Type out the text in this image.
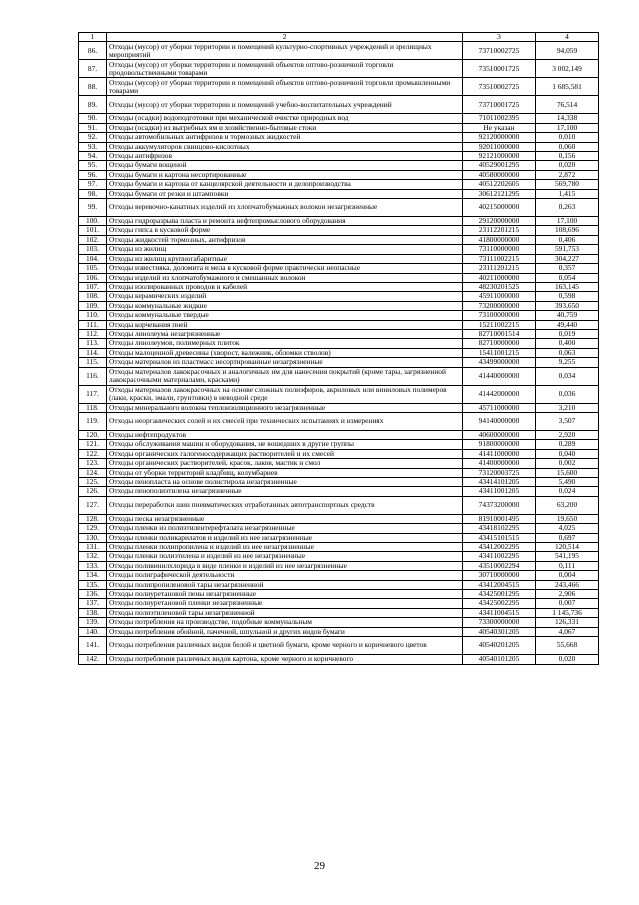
1	2	3	4
86.	Отходы (мусор) от уборки территории и помещений культурно-спортивных учреждений и зрелищных мероприятий	73710002725	94,059
87.	Отходы (мусор) от уборки территории и помещений объектов оптово-розничной торговли продовольственными товарами	73510001725	3 002,149
88.	Отходы (мусор) от уборки территории и помещений объектов оптово-розничной торговли промышленными товарами	73510002725	1 685,581
89.	Отходы (мусор) от уборки территории и помещений учебно-воспитательных учреждений	73710001725	76,514
90.	Отходы (осадки) водоподготовки при механической очистке природных вод	71011002395	14,338
91.	Отходы (осадки) из выгребных ям и хозяйственно-бытовые стоки	Не указан	17,100
92.	Отходы автомобильных антифризов и тормозных жидкостей	92120000000	0,010
93.	Отходы аккумуляторов свинцово-кислотных	92011000000	0,060
94.	Отходы антифризов	92121000000	0,156
95.	Отходы бумаги вощеной	40529001295	0,020
96.	Отходы бумаги и картона несортированные	40580000000	2,872
97.	Отходы бумаги и картона от канцелярской деятельности и делопроизводства	40512202605	569,780
98.	Отходы бумаги от резки и штамповки	30612121295	1,415
99.	Отходы веревочно-канатных изделий из хлопчатобумажных волокон незагрязненные	40215000000	0,263
100.	Отходы гидроразрыва пласта и ремонта нефтепромыслового оборудования	29120000000	17,100
101.	Отходы гипса в кусковой форме	23112201215	108,696
102.	Отходы жидкостей тормозных, антифризов	41800000000	0,406
103.	Отходы из жилищ	73110000000	591,753
104.	Отходы из жилищ крупногабаритные	73111002215	304,227
105.	Отходы известняка, доломита и мела в кусковой форме практически неопасные	23111201215	0,357
106.	Отходы изделий из хлопчатобумажного и смешанных волокон	40211000000	0,054
107.	Отходы изолированных проводов и кабелей	48230201525	163,145
108.	Отходы керамических изделий	45911000000	0,598
109.	Отходы коммунальные жидкие	73200000000	393,650
110.	Отходы коммунальные твердые	73100000000	40,759
111.	Отходы корчевания пней	15211002215	49,440
112.	Отходы линолеума незагрязненные	82710001514	0,019
113.	Отходы линолеумов, полимерных плиток	82710000000	0,400
114.	Отходы малоценной древесины (хворост, валежник, обломки стволов)	15411001215	0,063
115.	Отходы материалов из пластмасс несортированные незагрязненные	43499000000	9,255
116.	Отходы материалов лакокрасочных и аналогичных им для нанесения покрытий (кроме тары, загрязненной лакокрасочными материалами, красками)	41440000000	0,034
117.	Отходы материалов лакокрасочных на основе сложных полиэфиров, акриловых или виниловых полимеров (лаки, краски, эмали, грунтовки) в неводной среде	41442000000	0,036
118.	Отходы минерального волокна теплоизоляционного незагрязненные	45711000000	3,210
119.	Отходы неорганических солей и их смесей при технических испытаниях и измерениях	94140000000	3,507
120.	Отходы нефтепродуктов	40600000000	2,920
121.	Отходы обслуживания машин и оборудования, не вошедших в другие группы	91800000000	0,289
122.	Отходы органических галогеносодержащих растворителей и их смесей	41411000000	0,040
123.	Отходы органических растворителей, красок, лаков, мастик и смол	41400000000	0,002
124.	Отходы от уборки территорий кладбищ, колумбариев	73120003725	15,600
125.	Отходы пенопласта на основе полистирола незагрязненные	43414101205	5,490
126.	Отходы пенополиэтилена незагрязненные	43411001205	0,024
127.	Отходы переработки шин пневматических отработанных автотранспортных средств	74373200000	63,200
128.	Отходы песка незагрязненные	81910001495	19,650
129.	Отходы пленки из полиэтилентерефталата незагрязненные	43418102295	4,025
130.	Отходы пленки поликарилатов и изделий из нее незагрязненные	43415101515	0,697
131.	Отходы пленки полипропилена и изделий из нее незагрязненные	43412002295	120,514
132.	Отходы пленки полиэтилена и изделий из нее незагрязненные	43411002295	541,195
133.	Отходы поливинилхлорида в виде пленки и изделий из нее незагрязненные	43510002294	0,111
134.	Отходы полиграфической деятельности	30710000000	0,004
135.	Отходы полипропиленовой тары незагрязненной	43412004515	243,466
136.	Отходы полиуретановой пены незагрязненные	43425001295	2,906
137.	Отходы полиуретановой пленки незагрязненные	43425002295	0,007
138.	Отходы полиэтиленовой тары незагрязненной	43411004515	1 145,736
139.	Отходы потребления на производстве, подобные коммунальным	73300000000	126,331
140.	Отходы потребления обойной, пачечной, шпульной и других видов бумаги	40540301205	4,067
141.	Отходы потребления различных видов белой и цветной бумаги, кроме черного и коричневого цветов	40540201205	55,668
142.	Отходы потребления различных видов картона, кроме черного и коричневого	40540101205	0,020
29
